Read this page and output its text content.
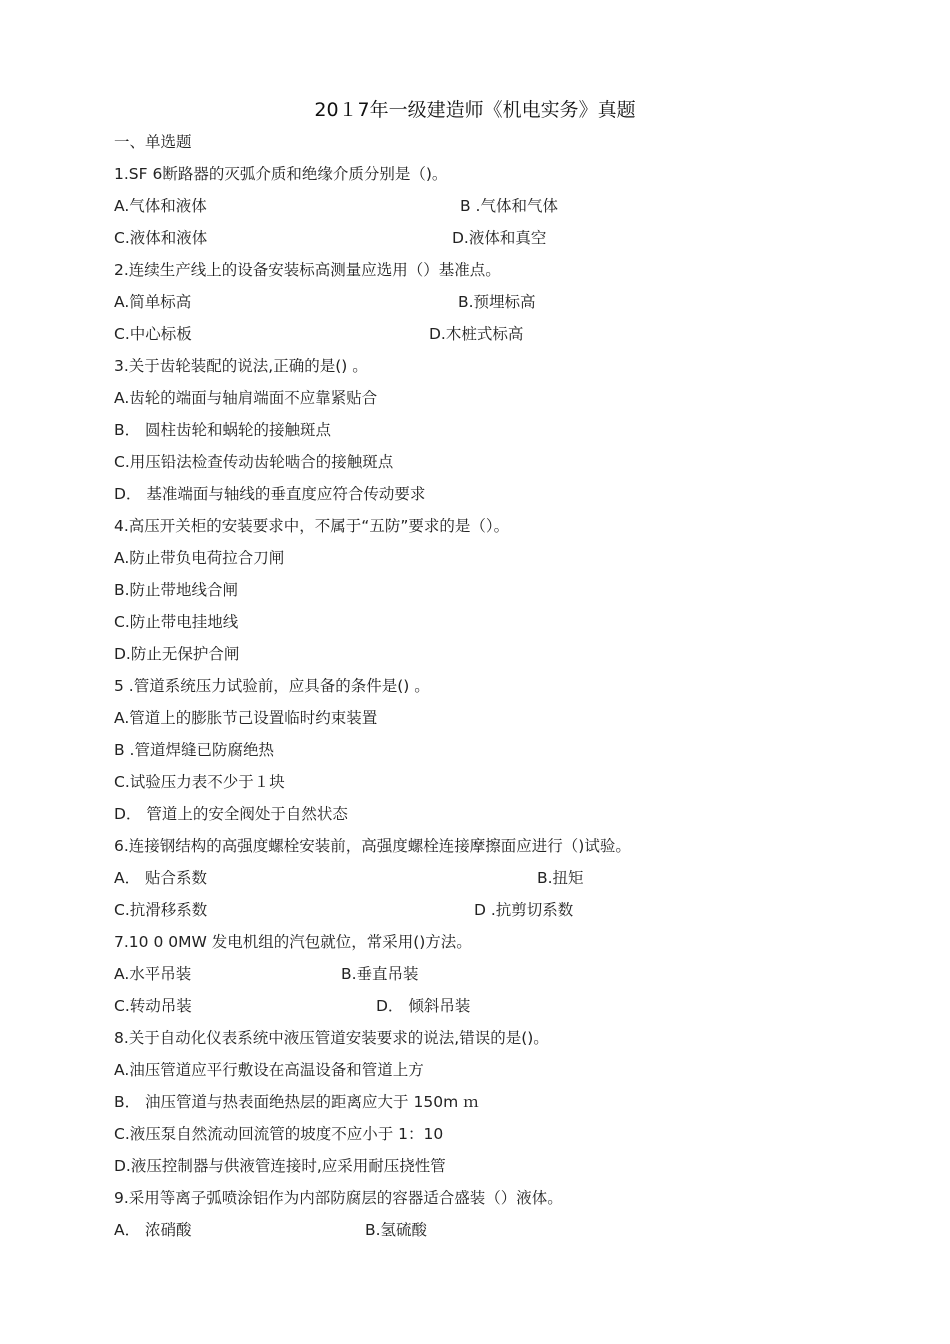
20１7年一级建造师《机电实务》真题
一、单选题
1.SF 6断路器的灭弧介质和绝缘介质分别是（)。
A.气体和液体	B .气体和气体
C.液体和液体	D.液体和真空
2.连续生产线上的设备安装标高测量应选用（）基准点。
A.简单标高	B.预埋标高
C.中心标板	D.木桩式标高
3.关于齿轮装配的说法,正确的是() 。
A.齿轮的端面与轴肩端面不应靠紧贴合
B． 圆柱齿轮和蜗轮的接触斑点
C.用压铅法检查传动齿轮啮合的接触斑点
D． 基准端面与轴线的垂直度应符合传动要求
4.高压开关柜的安装要求中，不属于“五防”要求的是（）。
A.防止带负电荷拉合刀闸
B.防止带地线合闸
C.防止带电挂地线
D.防止无保护合闸
5 .管道系统压力试验前，应具备的条件是() 。
A.管道上的膨胀节己设置临时约束装置
B .管道焊缝已防腐绝热
C.试验压力表不少于１块
D． 管道上的安全阀处于自然状态
6.连接钢结构的高强度螺栓安装前，高强度螺栓连接摩擦面应进行（)试验。
A． 贴合系数	B.扭矩
C.抗滑移系数	D .抗剪切系数
7.10 0 0MW 发电机组的汽包就位，常采用()方法。
A.水平吊装	B.垂直吊装
C.转动吊装	D． 倾斜吊装
8.关于自动化仪表系统中液压管道安装要求的说法,错误的是()。
A.油压管道应平行敷设在高温设备和管道上方
B． 油压管道与热表面绝热层的距离应大于 150m ｍ
C.液压泵自然流动回流管的坡度不应小于 1：10
D.液压控制器与供液管连接时,应采用耐压挠性管
9.采用等离子弧喷涂铝作为内部防腐层的容器适合盛装（）液体。
A． 浓硝酸	B.氢硫酸
